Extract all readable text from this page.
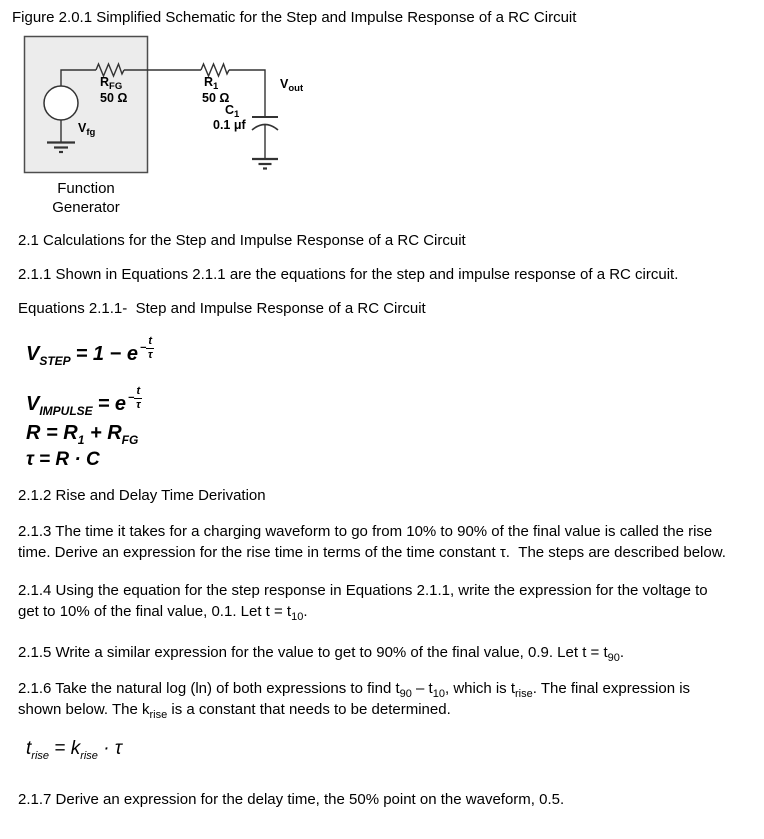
Figure 2.0.1 Simplified Schematic for the Step and Impulse Response of a RC Circuit
$R_{FG}$
50 Ω
$R_1$
50 Ω
$V_{out}$
$C_1$
0.1 μf
$V_{fg}$
Function
Generator
2.1 Calculations for the Step and Impulse Response of a RC Circuit
2.1.1 Shown in Equations 2.1.1 are the equations for the step and impulse response of a RC circuit.
Equations 2.1.1-  Step and Impulse Response of a RC Circuit
$V_{STEP} = 1 - e$ $^{- \frac{t}{\tau}}$
$V_{IMPULSE} = e$ $^{- \frac{t}{\tau}}$
$R = R_1 + R_{FG}$
τ = R · C
2.1.2 Rise and Delay Time Derivation
2.1.3 The time it takes for a charging waveform to go from 10% to 90% of the final value is called the rise time. Derive an expression for the rise time in terms of the time constant τ.  The steps are described below.
2.1.4 Using the equation for the step response in Equations 2.1.1, write the expression for the voltage to get to 10% of the final value, 0.1. Let $t = t_{10}$.
2.1.5 Write a similar expression for the value to get to 90% of the final value, 0.9. Let $t = t_{90}$.
2.1.6 Take the natural log (ln) of both expressions to find $t_{90} - t_{10}$, which is $t_{rise}$. The final expression is shown below. The $k_{rise}$ is a constant that needs to be determined.
$t_{rise} = k_{rise} \cdot \tau$
2.1.7 Derive an expression for the delay time, the 50% point on the waveform, 0.5.
